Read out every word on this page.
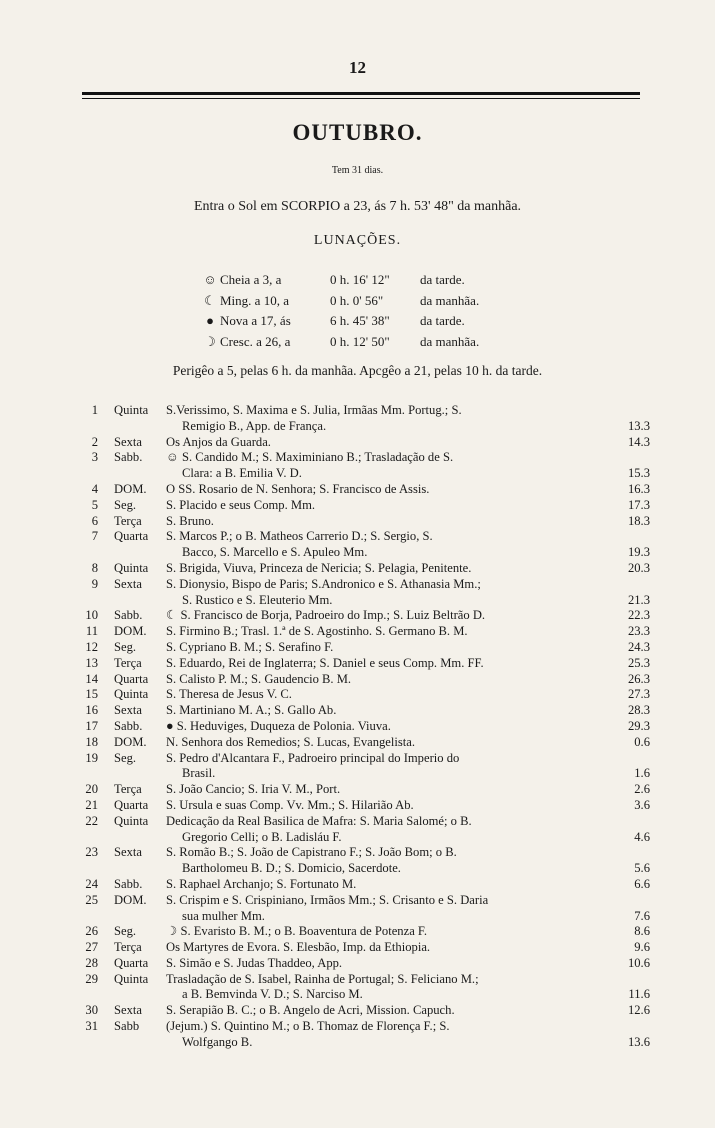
12
OUTUBRO.
Tem 31 dias.
Entra o Sol em SCORPIO a 23, ás 7 h. 53' 48" da manhãa.
LUNAÇÕES.
☺ Cheia a 3, a	0 h. 16' 12"	da tarde.
☾ Ming. a 10, a	0 h. 0' 56"	da manhãa.
● Nova a 17, ás	6 h. 45' 38"	da tarde.
☽ Cresc. a 26, a	0 h. 12' 50"	da manhãa.
Perigêo a 5, pelas 6 h. da manhãa. Apcgêo a 21, pelas 10 h. da tarde.
1	Quinta	S.Verissimo, S. Maxima e S. Julia, Irmãas Mm. Portug.; S.
Remigio B., App. de França.	13.3
2	Sexta	Os Anjos da Guarda.	14.3
3	Sabb.	☺ S. Candido M.; S. Maximiniano B.; Trasladação de S.
Clara: a B. Emilia V. D.	15.3
4	DOM.	O SS. Rosario de N. Senhora; S. Francisco de Assis.	16.3
5	Seg.	S. Placido e seus Comp. Mm.	17.3
6	Terça	S. Bruno.	18.3
7	Quarta	S. Marcos P.; o B. Matheos Carrerio D.; S. Sergio, S.
Bacco, S. Marcello e S. Apuleo Mm.	19.3
8	Quinta	S. Brigida, Viuva, Princeza de Nericia; S. Pelagia, Penitente.	20.3
9	Sexta	S. Dionysio, Bispo de Paris; S.Andronico e S. Athanasia Mm.;
S. Rustico e S. Eleuterio Mm.	21.3
10	Sabb.	☾ S. Francisco de Borja, Padroeiro do Imp.; S. Luiz Beltrão D.	22.3
11	DOM.	S. Firmino B.; Trasl. 1.ª de S. Agostinho. S. Germano B. M.	23.3
12	Seg.	S. Cypriano B. M.; S. Serafino F.	24.3
13	Terça	S. Eduardo, Rei de Inglaterra; S. Daniel e seus Comp. Mm. FF.	25.3
14	Quarta	S. Calisto P. M.; S. Gaudencio B. M.	26.3
15	Quinta	S. Theresa de Jesus V. C.	27.3
16	Sexta	S. Martiniano M. A.; S. Gallo Ab.	28.3
17	Sabb.	● S. Heduviges, Duqueza de Polonia. Viuva.	29.3
18	DOM.	N. Senhora dos Remedios; S. Lucas, Evangelista.	0.6
19	Seg.	S. Pedro d'Alcantara F., Padroeiro principal do Imperio do
Brasil.	1.6
20	Terça	S. João Cancio; S. Iria V. M., Port.	2.6
21	Quarta	S. Ursula e suas Comp. Vv. Mm.; S. Hilarião Ab.	3.6
22	Quinta	Dedicação da Real Basilica de Mafra: S. Maria Salomé; o B.
Gregorio Celli; o B. Ladisláu F.	4.6
23	Sexta	S. Romão B.; S. João de Capistrano F.; S. João Bom; o B.
Bartholomeu B. D.; S. Domicio, Sacerdote.	5.6
24	Sabb.	S. Raphael Archanjo; S. Fortunato M.	6.6
25	DOM.	S. Crispim e S. Crispiniano, Irmãos Mm.; S. Crisanto e S. Daria
sua mulher Mm.	7.6
26	Seg.	☽ S. Evaristo B. M.; o B. Boaventura de Potenza F.	8.6
27	Terça	Os Martyres de Evora. S. Elesbão, Imp. da Ethiopia.	9.6
28	Quarta	S. Simão e S. Judas Thaddeo, App.	10.6
29	Quinta	Trasladação de S. Isabel, Rainha de Portugal; S. Feliciano M.;
a B. Bemvinda V. D.; S. Narciso M.	11.6
30	Sexta	S. Serapião B. C.; o B. Angelo de Acri, Mission. Capuch.	12.6
31	Sabb	(Jejum.) S. Quintino M.; o B. Thomaz de Florença F.; S.
Wolfgango B.	13.6
